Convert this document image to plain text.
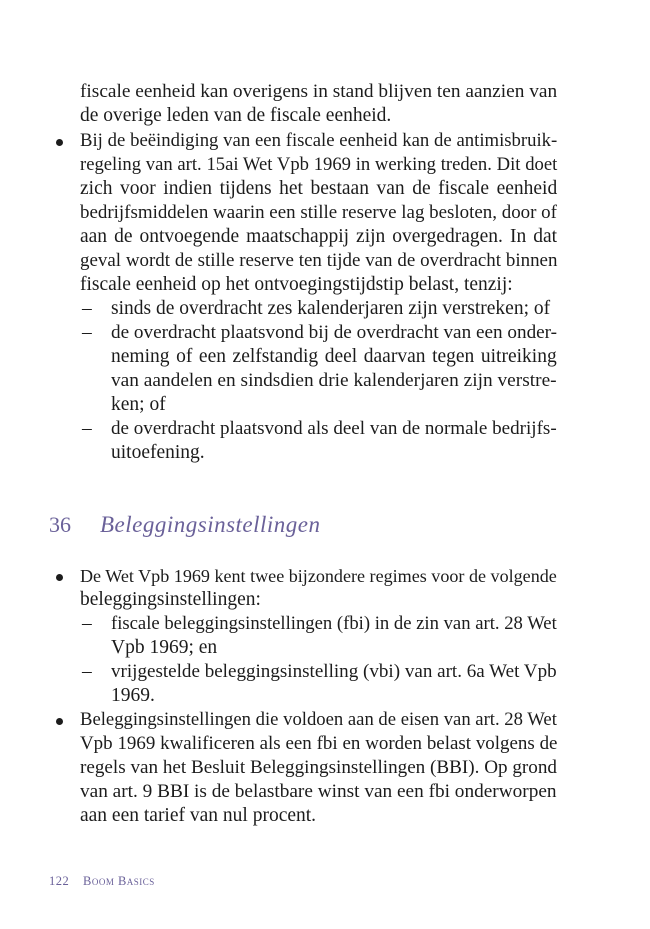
fiscale eenheid kan overigens in stand blijven ten aanzien van
de overige leden van de fiscale eenheid.
Bij de beëindiging van een fiscale eenheid kan de antimisbruik-
regeling van art. 15ai Wet Vpb 1969 in werking treden. Dit doet
zich voor indien tijdens het bestaan van de fiscale eenheid
bedrijfsmiddelen waarin een stille reserve lag besloten, door of
aan de ontvoegende maatschappij zijn overgedragen. In dat
geval wordt de stille reserve ten tijde van de overdracht binnen
fiscale eenheid op het ontvoegingstijdstip belast, tenzij:
– sinds de overdracht zes kalenderjaren zijn verstreken; of
– de overdracht plaatsvond bij de overdracht van een onder-
neming of een zelfstandig deel daarvan tegen uitreiking
van aandelen en sindsdien drie kalenderjaren zijn verstre-
ken; of
– de overdracht plaatsvond als deel van de normale bedrijfs-
uitoefening.
36 Beleggingsinstellingen
De Wet Vpb 1969 kent twee bijzondere regimes voor de volgende
beleggingsinstellingen:
– fiscale beleggingsinstellingen (fbi) in de zin van art. 28 Wet
Vpb 1969; en
– vrijgestelde beleggingsinstelling (vbi) van art. 6a Wet Vpb
1969.
Beleggingsinstellingen die voldoen aan de eisen van art. 28 Wet
Vpb 1969 kwalificeren als een fbi en worden belast volgens de
regels van het Besluit Beleggingsinstellingen (BBI). Op grond
van art. 9 BBI is de belastbare winst van een fbi onderworpen
aan een tarief van nul procent.
122 Boom Basics
